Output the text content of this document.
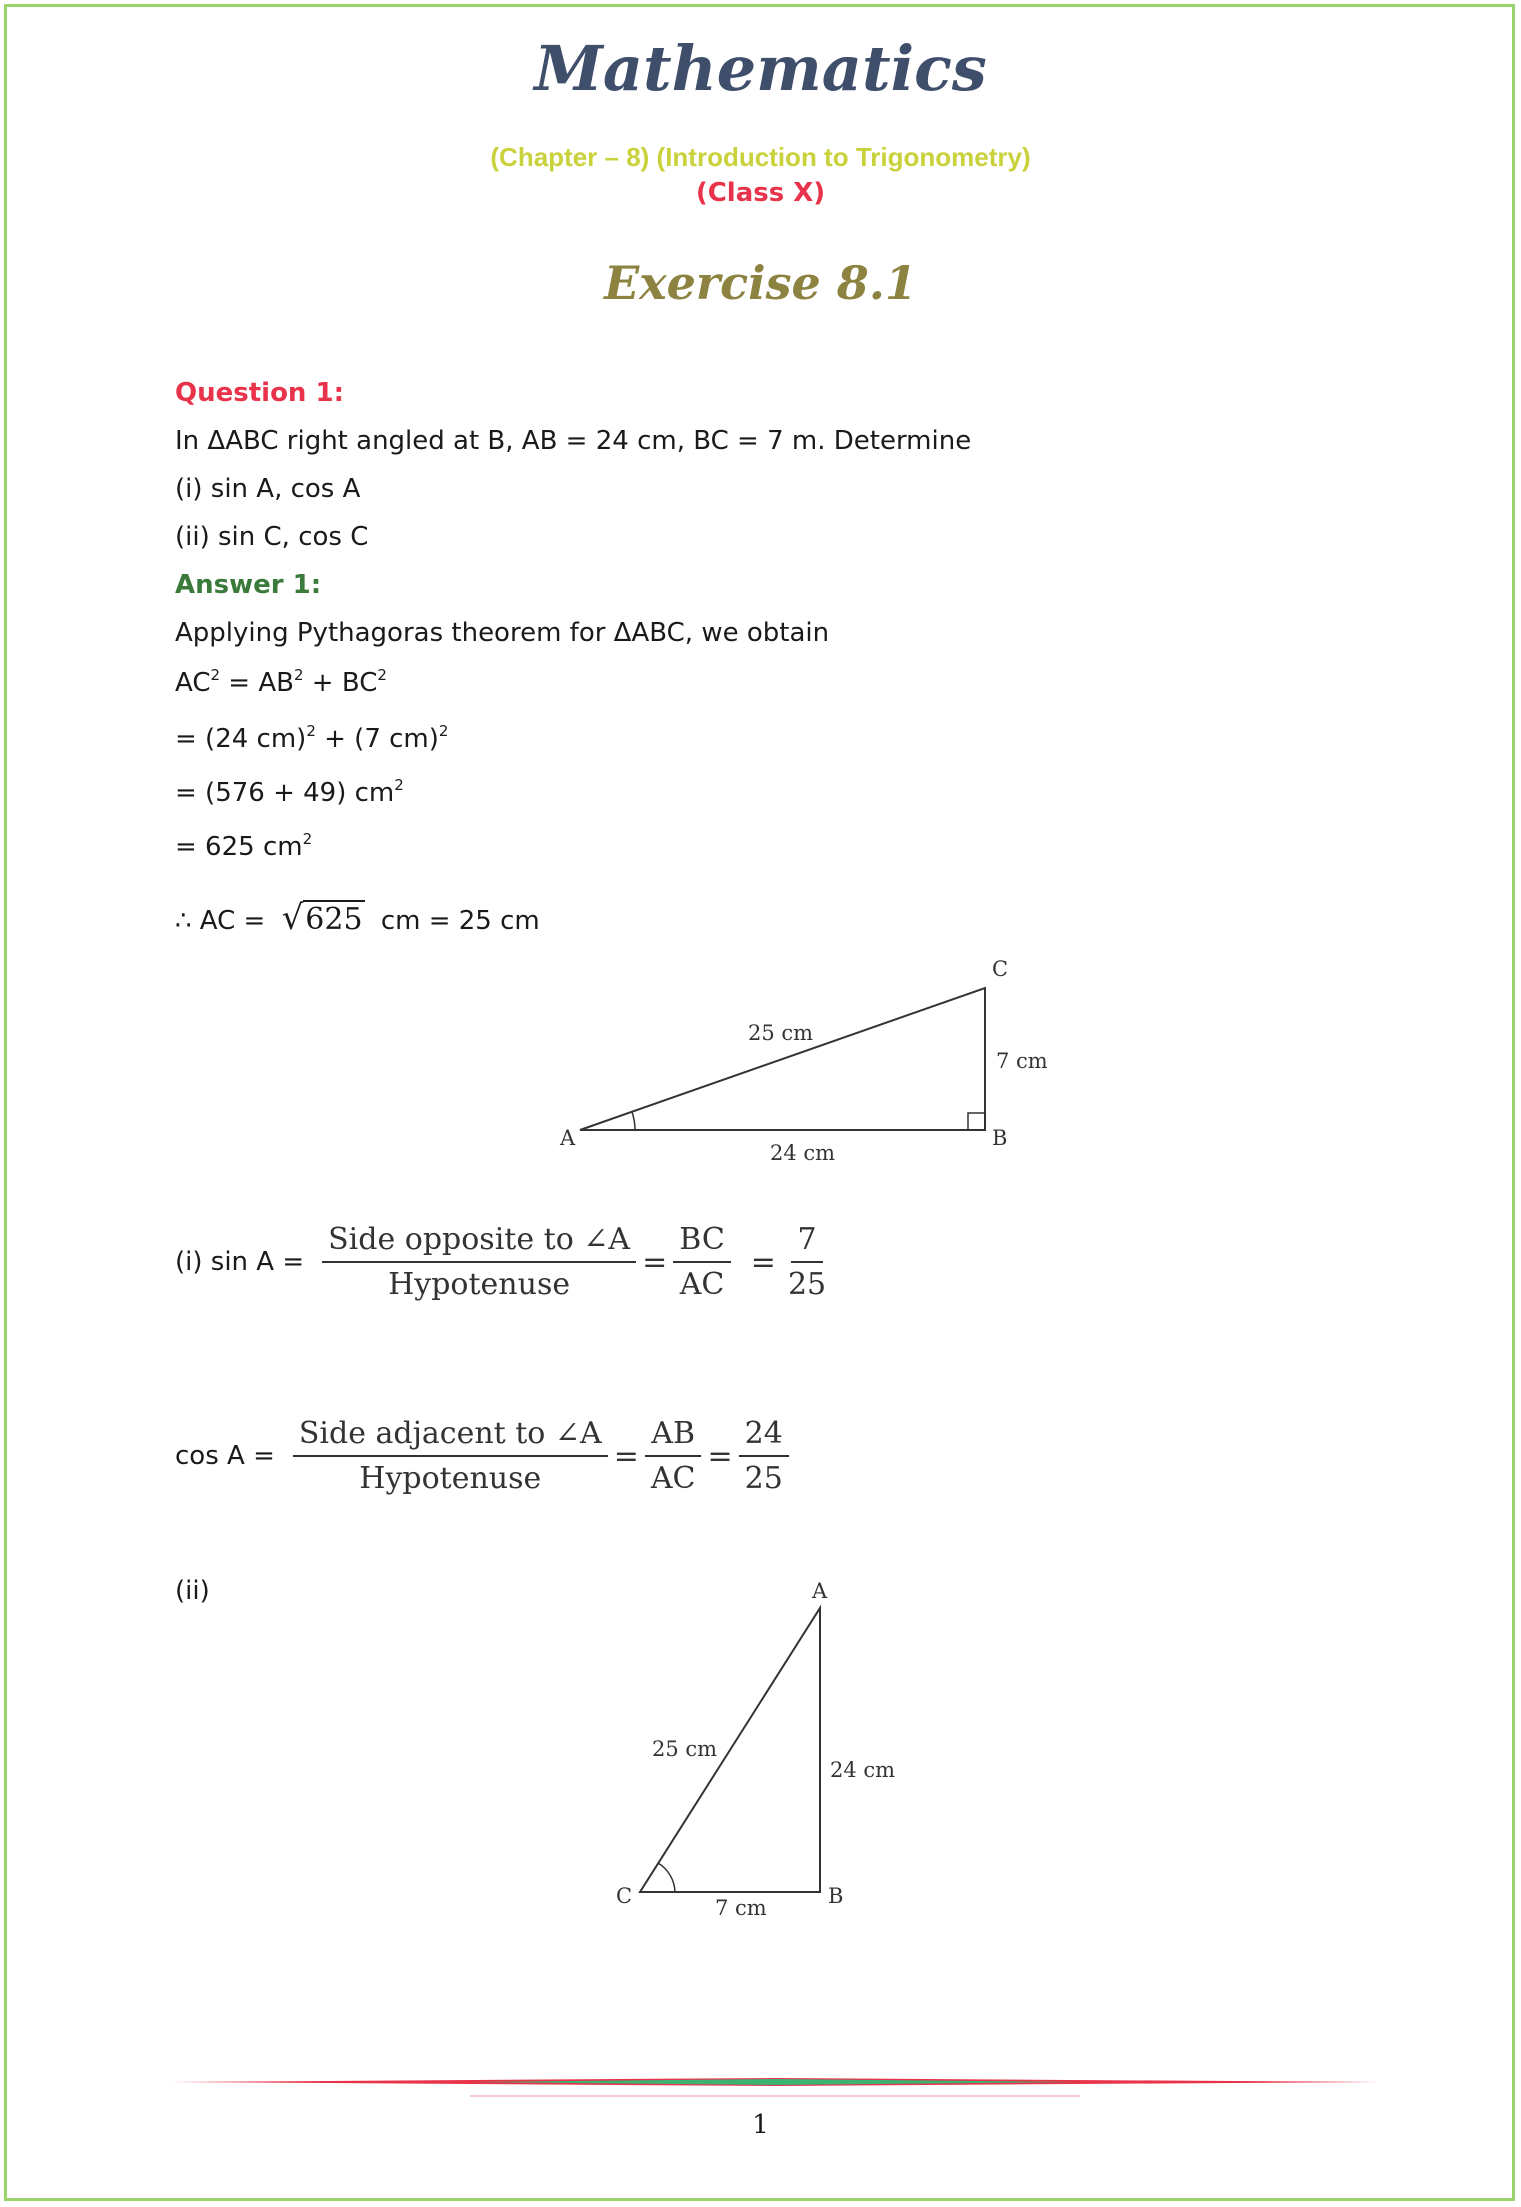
Mathematics
(Chapter – 8) (Introduction to Trigonometry)
(Class X)
Exercise 8.1
Question 1:
In ΔABC right angled at B, AB = 24 cm, BC = 7 m. Determine
(i) sin A, cos A
(ii) sin C, cos C
Answer 1:
Applying Pythagoras theorem for ΔABC, we obtain
$AC^2 = AB^2 + BC^2$
= (24 cm)$^2$ + (7 cm)$^2$
= (576 + 49) $cm^2$
= 625 $cm^2$
∴ AC = √625 cm = 25 cm
A	B
C
25 cm
7 cm
24 cm
(i) $\sin A = \frac{\text{Side opposite to ∠A}}{\text{Hypotenuse}} = \frac{BC}{AC} = \frac{7}{25}$
$\cos A = \frac{\text{Side adjacent to ∠A}}{\text{Hypotenuse}} = \frac{AB}{AC} = \frac{24}{25}$
(ii)	A
B
C
25 cm
24 cm
7 cm
1
